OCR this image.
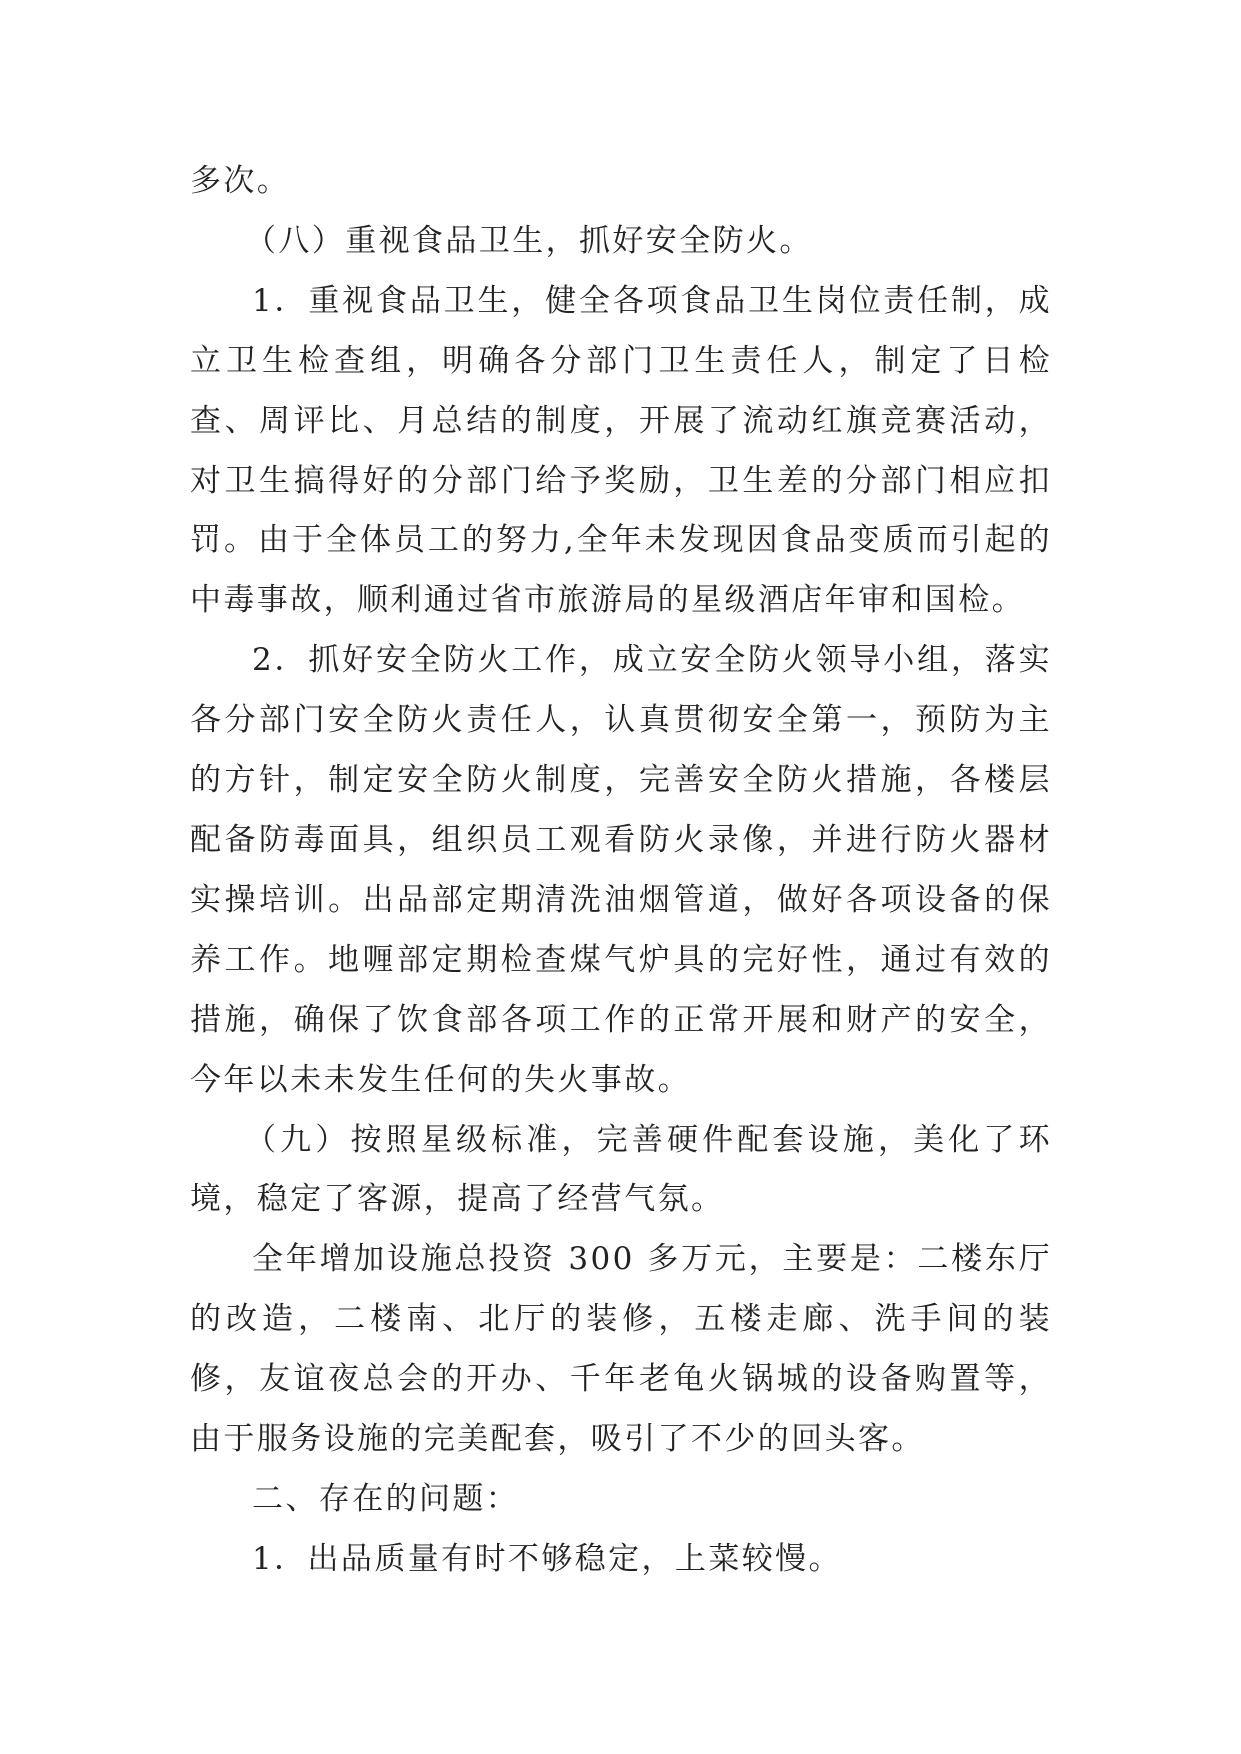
多次。

（八）重视食品卫生，抓好安全防火。

1．重视食品卫生，健全各项食品卫生岗位责任制，成立卫生检查组，明确各分部门卫生责任人，制定了日检查、周评比、月总结的制度，开展了流动红旗竞赛活动，对卫生搞得好的分部门给予奖励，卫生差的分部门相应扣罚。由于全体员工的努力,全年未发现因食品变质而引起的中毒事故，顺利通过省市旅游局的星级酒店年审和国检。

2．抓好安全防火工作，成立安全防火领导小组，落实各分部门安全防火责任人，认真贯彻安全第一，预防为主的方针，制定安全防火制度，完善安全防火措施，各楼层配备防毒面具，组织员工观看防火录像，并进行防火器材实操培训。出品部定期清洗油烟管道，做好各项设备的保养工作。地喱部定期检查煤气炉具的完好性，通过有效的措施，确保了饮食部各项工作的正常开展和财产的安全，今年以未未发生任何的失火事故。

（九）按照星级标准，完善硬件配套设施，美化了环境，稳定了客源，提高了经营气氛。

全年增加设施总投资 300 多万元，主要是：二楼东厅的改造，二楼南、北厅的装修，五楼走廊、洗手间的装修，友谊夜总会的开办、千年老龟火锅城的设备购置等，由于服务设施的完美配套，吸引了不少的回头客。

二、存在的问题：

1．出品质量有时不够稳定，上菜较慢。
